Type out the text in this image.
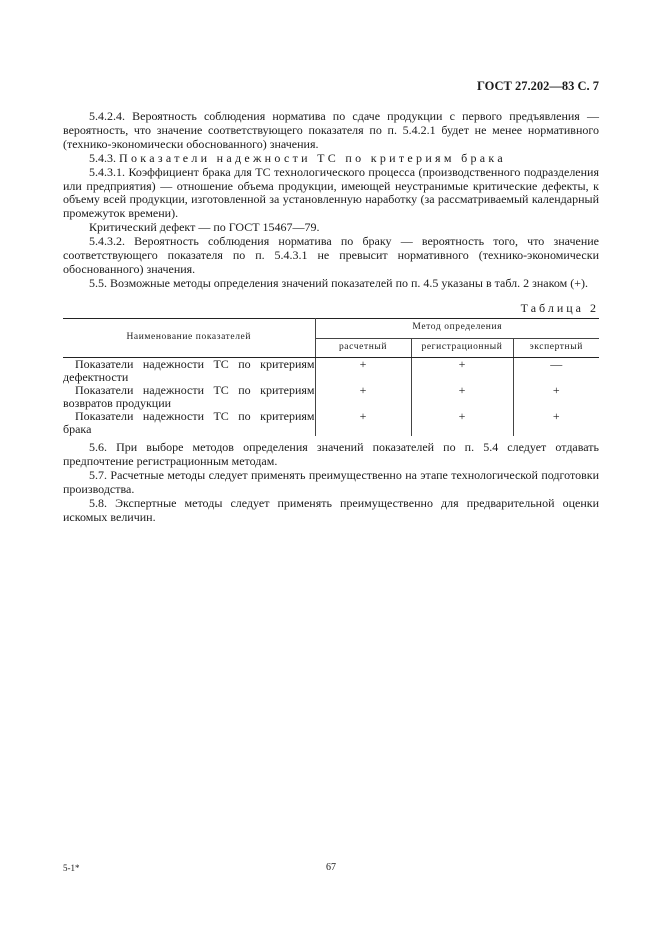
ГОСТ 27.202—83 С. 7

5.4.2.4. Вероятность соблюдения норматива по сдаче продукции с первого предъявления — вероятность, что значение соответствующего показателя по п. 5.4.2.1 будет не менее нормативного (технико-экономически обоснованного) значения.

5.4.3. Показатели надежности ТС по критериям брака

5.4.3.1. Коэффициент брака для ТС технологического процесса (производственного подразделения или предприятия) — отношение объема продукции, имеющей неустранимые критические дефекты, к объему всей продукции, изготовленной за установленную наработку (за рассматриваемый календарный промежуток времени).

Критический дефект — по ГОСТ 15467—79.

5.4.3.2. Вероятность соблюдения норматива по браку — вероятность того, что значение соответствующего показателя по п. 5.4.3.1 не превысит нормативного (технико-экономически обоснованного) значения.

5.5. Возможные методы определения значений показателей по п. 4.5 указаны в табл. 2 знаком (+).

Таблица 2
Наименование показателей	Метод определения		
	расчетный	регистрационный	экспертный

Показатели надежности ТС по критериям дефектности	+	+	—

Показатели надежности ТС по критериям возвратов продукции	+	+	+

Показатели надежности ТС по критериям брака	+	+	+

5.6. При выборе методов определения значений показателей по п. 5.4 следует отдавать предпочтение регистрационным методам.

5.7. Расчетные методы следует применять преимущественно на этапе технологической подготовки производства.

5.8. Экспертные методы следует применять преимущественно для предварительной оценки искомых величин.

5-1*	67
